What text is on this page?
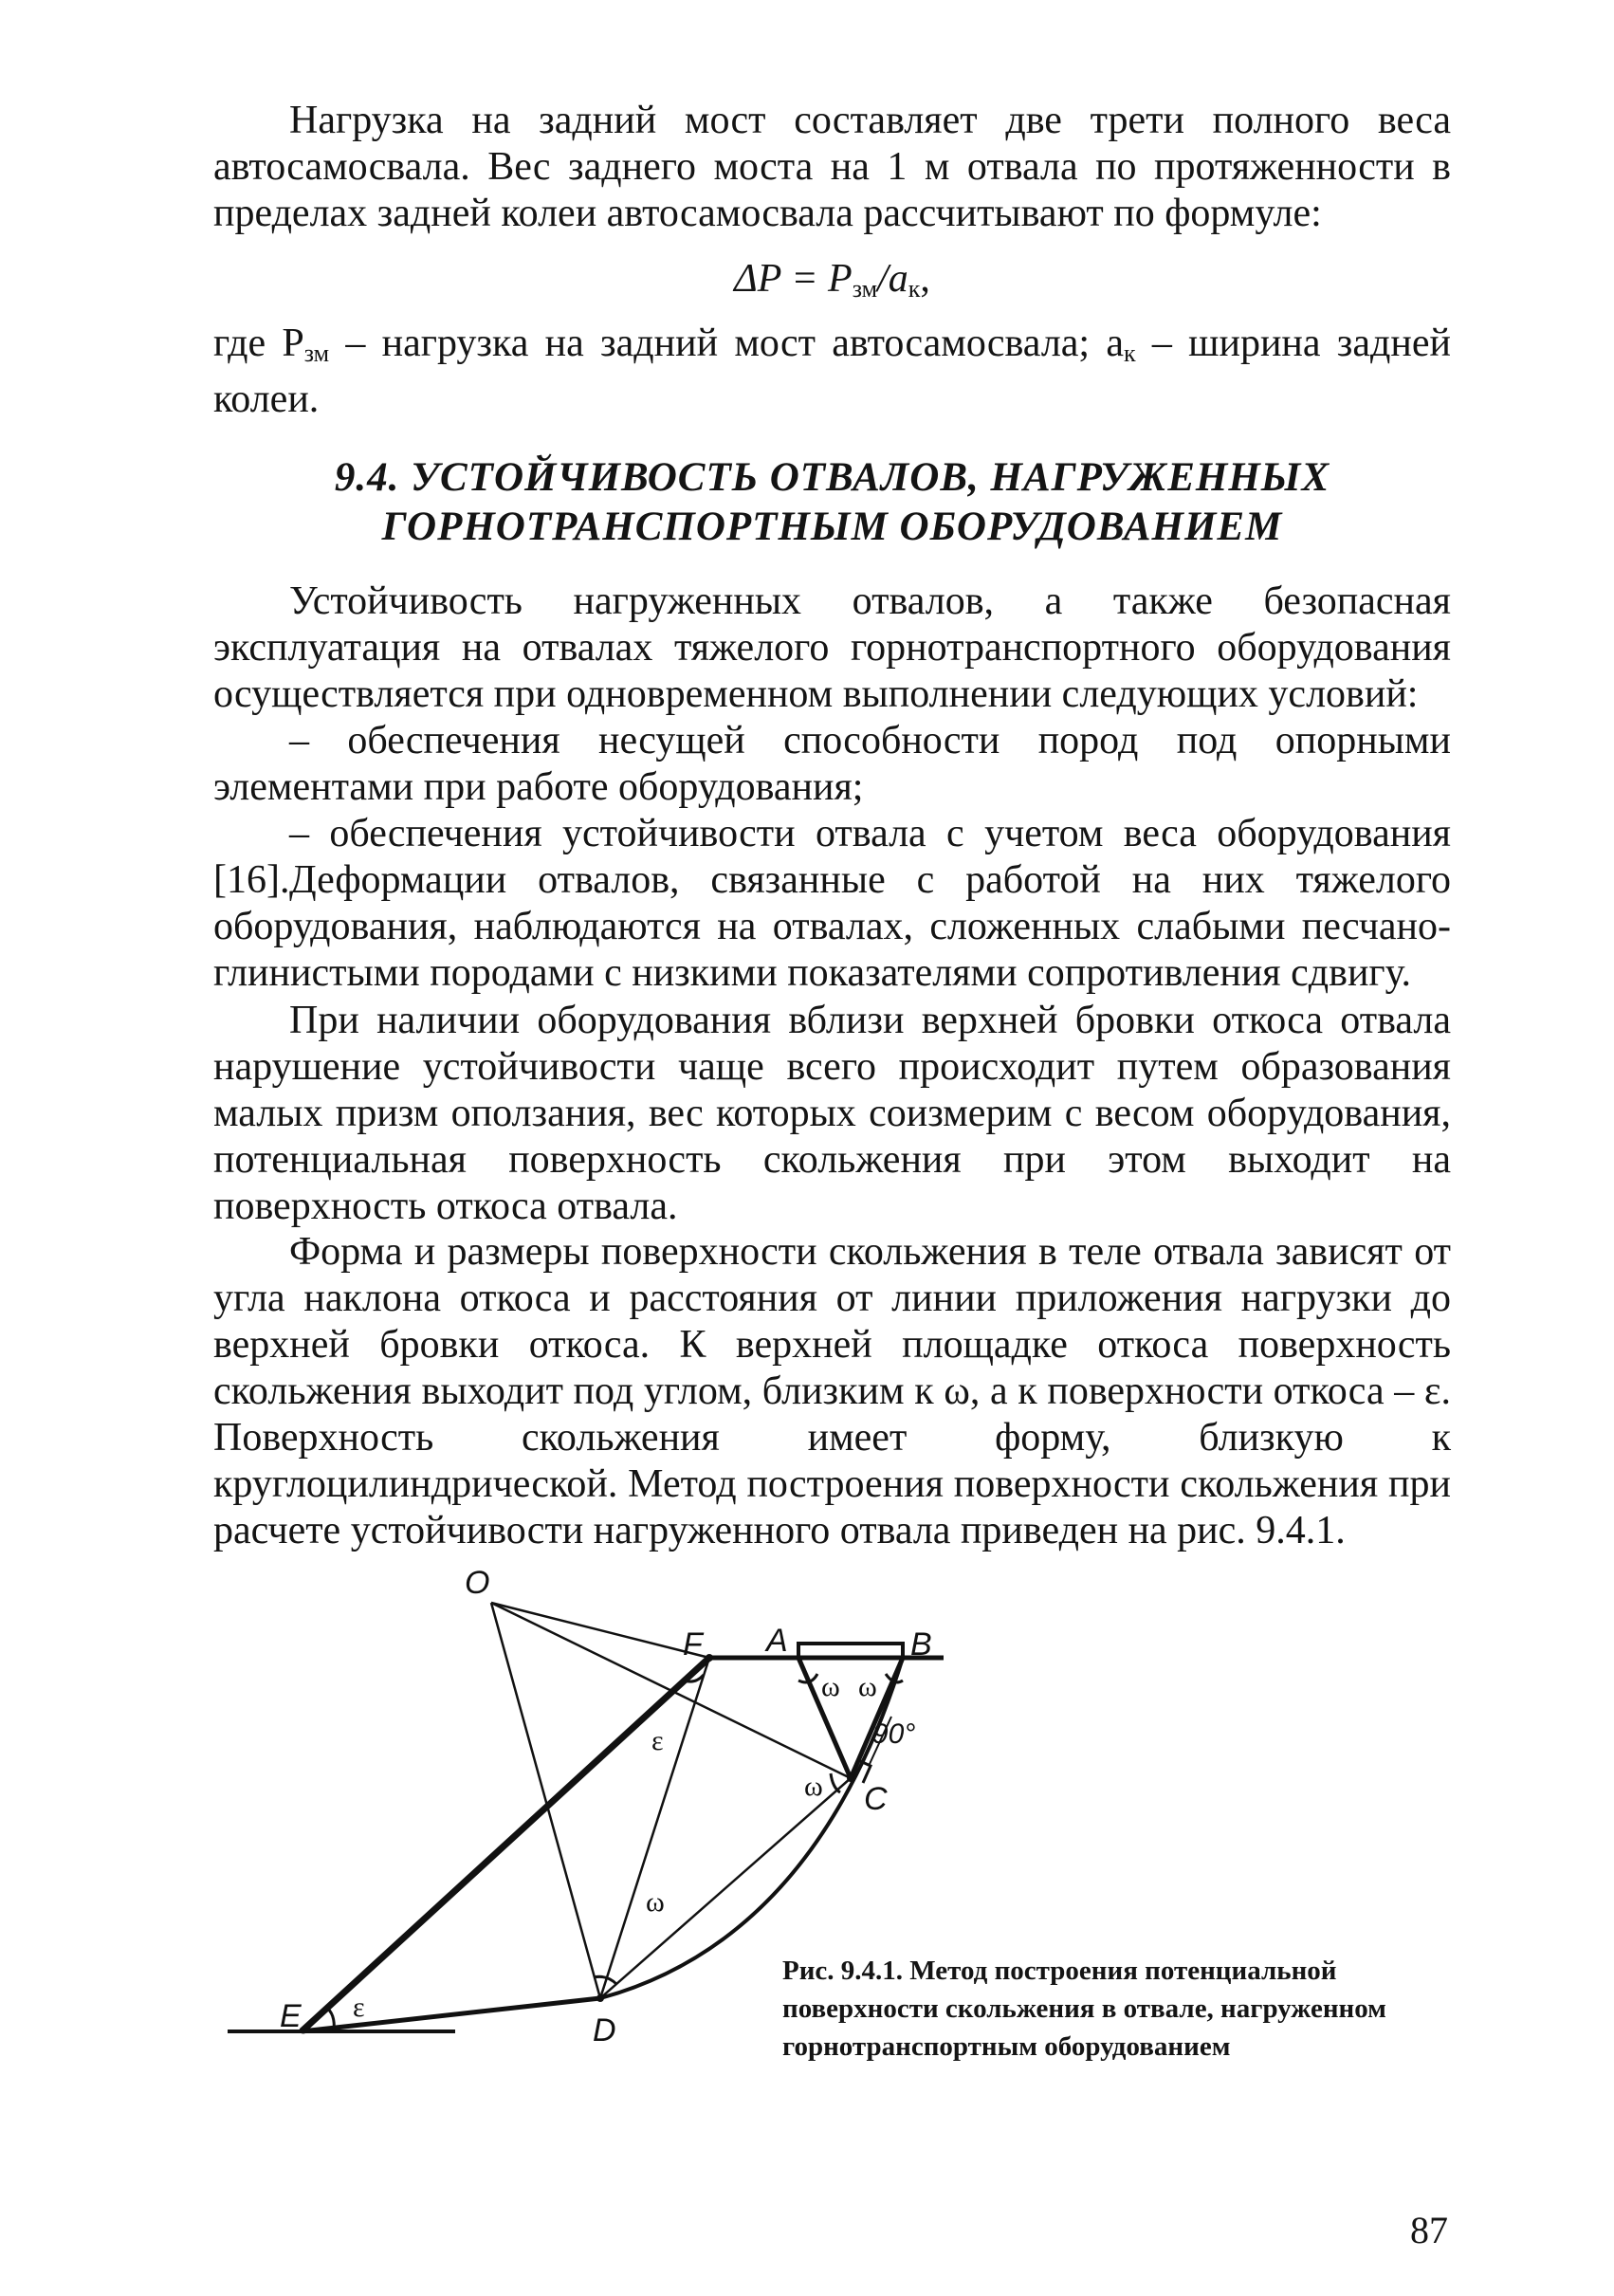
Нагрузка на задний мост составляет две трети полного веса автосамосвала. Вес заднего моста на 1 м отвала по протяженности в пределах задней колеи автосамосвала рассчитывают по формуле:

$\Delta P = P_{зм}/a_к$,

где $P_{зм}$ – нагрузка на задний мост автосамосвала; $a_к$ – ширина задней колеи.

9.4. УСТОЙЧИВОСТЬ ОТВАЛОВ, НАГРУЖЕННЫХ
ГОРНОТРАНСПОРТНЫМ ОБОРУДОВАНИЕМ

Устойчивость нагруженных отвалов, а также безопасная эксплуатация на отвалах тяжелого горнотранспортного оборудования осуществляется при одновременном выполнении следующих условий:

– обеспечения несущей способности пород под опорными элементами при работе оборудования;

– обеспечения устойчивости отвала с учетом веса оборудования [16]. Деформации отвалов, связанные с работой на них тяжелого оборудования, наблюдаются на отвалах, сложенных слабыми песчано-глинистыми породами с низкими показателями сопротивления сдвигу.

При наличии оборудования вблизи верхней бровки откоса отвала нарушение устойчивости чаще всего происходит путем образования малых призм оползания, вес которых соизмерим с весом оборудования, потенциальная поверхность скольжения при этом выходит на поверхность откоса отвала.

Форма и размеры поверхности скольжения в теле отвала зависят от угла наклона откоса и расстояния от линии приложения нагрузки до верхней бровки откоса. К верхней площадке откоса поверхность скольжения выходит под углом, близким к ω, а к поверхности откоса – ε. Поверхность скольжения имеет форму, близкую к круглоцилиндрической. Метод построения поверхности скольжения при расчете устойчивости нагруженного отвала приведен на рис. 9.4.1.

O
F A	B
C
D
E
ω ω
90°
ε
ω
ω
ε
Рис. 9.4.1. Метод построения потенциальной поверхности скольжения в отвале, нагруженном горнотранспортным оборудованием
87
